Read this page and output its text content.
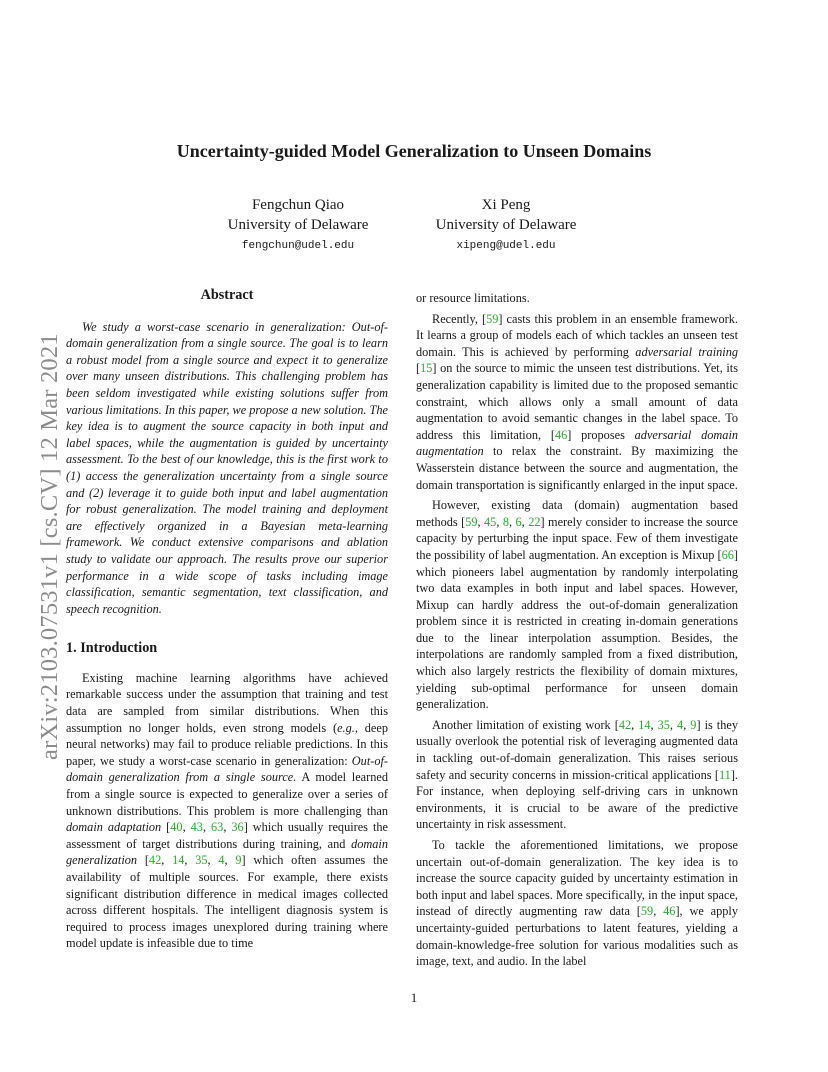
arXiv:2103.07531v1 [cs.CV] 12 Mar 2021
Uncertainty-guided Model Generalization to Unseen Domains
Fengchun Qiao
University of Delaware
fengchun@udel.edu
Xi Peng
University of Delaware
xipeng@udel.edu
Abstract

We study a worst-case scenario in generalization: Out-of-domain generalization from a single source. The goal is to learn a robust model from a single source and expect it to generalize over many unseen distributions. This challenging problem has been seldom investigated while existing solutions suffer from various limitations. In this paper, we propose a new solution. The key idea is to augment the source capacity in both input and label spaces, while the augmentation is guided by uncertainty assessment. To the best of our knowledge, this is the first work to (1) access the generalization uncertainty from a single source and (2) leverage it to guide both input and label augmentation for robust generalization. The model training and deployment are effectively organized in a Bayesian meta-learning framework. We conduct extensive comparisons and ablation study to validate our approach. The results prove our superior performance in a wide scope of tasks including image classification, semantic segmentation, text classification, and speech recognition.

1. Introduction

Existing machine learning algorithms have achieved remarkable success under the assumption that training and test data are sampled from similar distributions. When this assumption no longer holds, even strong models (e.g., deep neural networks) may fail to produce reliable predictions. In this paper, we study a worst-case scenario in generalization: Out-of-domain generalization from a single source. A model learned from a single source is expected to generalize over a series of unknown distributions. This problem is more challenging than domain adaptation [40, 43, 63, 36] which usually requires the assessment of target distributions during training, and domain generalization [42, 14, 35, 4, 9] which often assumes the availability of multiple sources. For example, there exists significant distribution difference in medical images collected across different hospitals. The intelligent diagnosis system is required to process images unexplored during training where model update is infeasible due to time

or resource limitations.

Recently, [59] casts this problem in an ensemble framework. It learns a group of models each of which tackles an unseen test domain. This is achieved by performing adversarial training [15] on the source to mimic the unseen test distributions. Yet, its generalization capability is limited due to the proposed semantic constraint, which allows only a small amount of data augmentation to avoid semantic changes in the label space. To address this limitation, [46] proposes adversarial domain augmentation to relax the constraint. By maximizing the Wasserstein distance between the source and augmentation, the domain transportation is significantly enlarged in the input space.

However, existing data (domain) augmentation based methods [59, 45, 8, 6, 22] merely consider to increase the source capacity by perturbing the input space. Few of them investigate the possibility of label augmentation. An exception is Mixup [66] which pioneers label augmentation by randomly interpolating two data examples in both input and label spaces. However, Mixup can hardly address the out-of-domain generalization problem since it is restricted in creating in-domain generations due to the linear interpolation assumption. Besides, the interpolations are randomly sampled from a fixed distribution, which also largely restricts the flexibility of domain mixtures, yielding sub-optimal performance for unseen domain generalization.

Another limitation of existing work [42, 14, 35, 4, 9] is they usually overlook the potential risk of leveraging augmented data in tackling out-of-domain generalization. This raises serious safety and security concerns in mission-critical applications [11]. For instance, when deploying self-driving cars in unknown environments, it is crucial to be aware of the predictive uncertainty in risk assessment.

To tackle the aforementioned limitations, we propose uncertain out-of-domain generalization. The key idea is to increase the source capacity guided by uncertainty estimation in both input and label spaces. More specifically, in the input space, instead of directly augmenting raw data [59, 46], we apply uncertainty-guided perturbations to latent features, yielding a domain-knowledge-free solution for various modalities such as image, text, and audio. In the label

1
